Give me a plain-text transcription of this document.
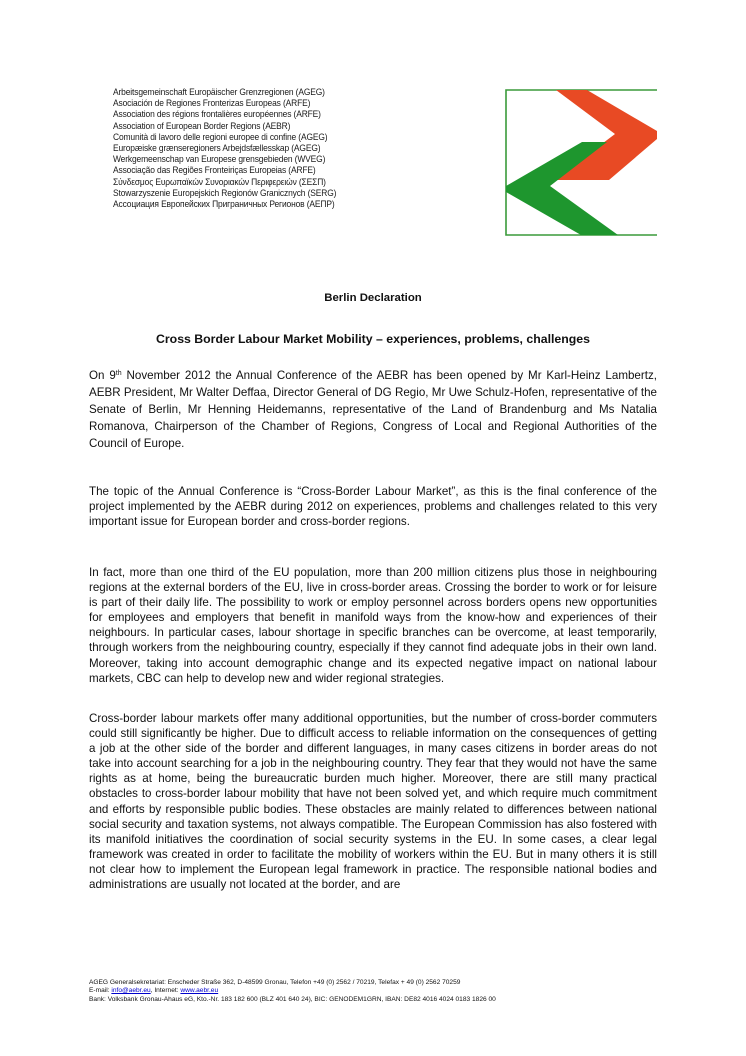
Arbeitsgemeinschaft Europäischer Grenzregionen (AGEG)
Asociación de Regiones Fronterizas Europeas (ARFE)
Association des régions frontalières européennes (ARFE)
Association of European Border Regions (AEBR)
Comunità di lavoro delle regioni europee di confine (AGEG)
Europæiske grænseregioners Arbejdsfællesskap (AGEG)
Werkgemeenschap van Europese grensgebieden (WVEG)
Associação das Regiões Fronteiriças Europeias (ARFE)
Σύνδεσμος Ευρωπαϊκών Συνοριακών Περιφερειών (ΣΕΣΠ)
Stowarzyszenie Europejskich Regionów Granicznych (SERG)
Ассоциация Европейских Приграничных Регионов (АЕПР)
Berlin Declaration
Cross Border Labour Market Mobility – experiences, problems, challenges

On 9th November 2012 the Annual Conference of the AEBR has been opened by Mr Karl-Heinz Lambertz, AEBR President, Mr Walter Deffaa, Director General of DG Regio, Mr Uwe Schulz-Hofen, representative of the Senate of Berlin, Mr Henning Heidemanns, representative of the Land of Brandenburg and Ms Natalia Romanova, Chairperson of the Chamber of Regions, Congress of Local and Regional Authorities of the Council of Europe.

The topic of the Annual Conference is “Cross-Border Labour Market”, as this is the final conference of the project implemented by the AEBR during 2012 on experiences, problems and challenges related to this very important issue for European border and cross-border regions.

In fact, more than one third of the EU population, more than 200 million citizens plus those in neighbouring regions at the external borders of the EU, live in cross-border areas. Crossing the border to work or for leisure is part of their daily life. The possibility to work or employ personnel across borders opens new opportunities for employees and employers that benefit in manifold ways from the know-how and experiences of their neighbours. In particular cases, labour shortage in specific branches can be overcome, at least temporarily, through workers from the neighbouring country, especially if they cannot find adequate jobs in their own land. Moreover, taking into account demographic change and its expected negative impact on national labour markets, CBC can help to develop new and wider regional strategies.

Cross-border labour markets offer many additional opportunities, but the number of cross-border commuters could still significantly be higher. Due to difficult access to reliable information on the consequences of getting a job at the other side of the border and different languages, in many cases citizens in border areas do not take into account searching for a job in the neighbouring country. They fear that they would not have the same rights as at home, being the bureaucratic burden much higher. Moreover, there are still many practical obstacles to cross-border labour mobility that have not been solved yet, and which require much commitment and efforts by responsible public bodies. These obstacles are mainly related to differences between national social security and taxation systems, not always compatible. The European Commission has also fostered with its manifold initiatives the coordination of social security systems in the EU. In some cases, a clear legal framework was created in order to facilitate the mobility of workers within the EU. But in many others it is still not clear how to implement the European legal framework in practice. The responsible national bodies and administrations are usually not located at the border, and are

AGEG Generalsekretariat: Enscheder Straße 362, D-48599 Gronau, Telefon +49 (0) 2562 / 70219, Telefax + 49 (0) 2562 70259
E-mail: info@aebr.eu, Internet: www.aebr.eu
Bank: Volksbank Gronau-Ahaus eG, Kto.-Nr. 183 182 600 (BLZ 401 640 24), BIC: GENODEM1GRN, IBAN: DE82 4016 4024 0183 1826 00
